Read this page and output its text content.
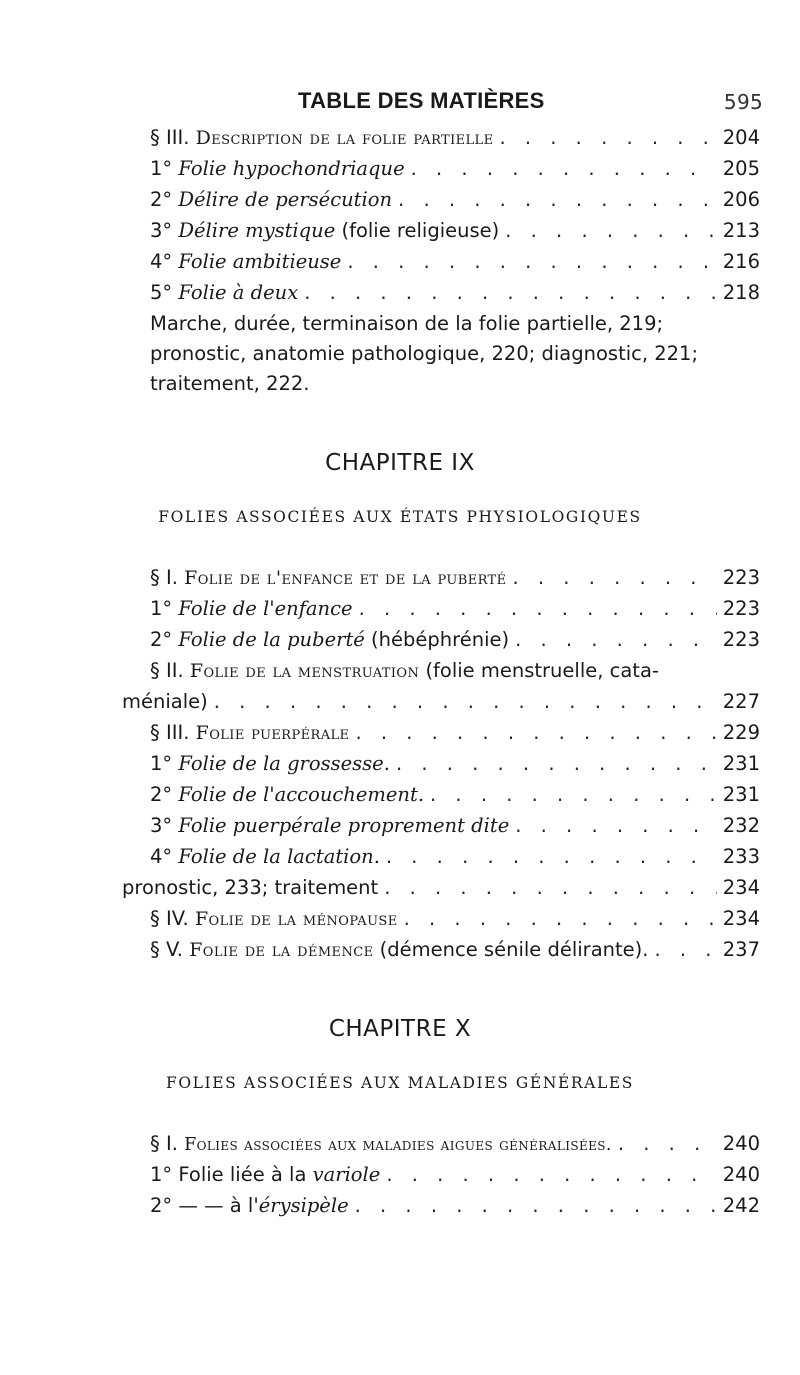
TABLE DES MATIÈRES	595
§ III. Description de la folie partielle . . .	204
1° Folie hypochondriaque . . .	205
2° Délire de persécution . . .	206
3° Délire mystique (folie religieuse) . . .	213
4° Folie ambitieuse . . .	216
5° Folie à deux . . .	218
Marche, durée, terminaison de la folie partielle, 219;
pronostic, anatomie pathologique, 220; diagnostic, 221;
traitement, 222.
CHAPITRE IX
FOLIES ASSOCIÉES AUX ÉTATS PHYSIOLOGIQUES
§ I. Folie de l'enfance et de la puberté . . .	223
1° Folie de l'enfance . . .	223
2° Folie de la puberté (hébéphrénie) . . .	223
§ II. Folie de la menstruation (folie menstruelle, cata-
méniale) . . .	227
§ III. Folie puerpérale . . .	229
1° Folie de la grossesse. . . .	231
2° Folie de l'accouchement. . . .	231
3° Folie puerpérale proprement dite . . .	232
4° Folie de la lactation. . . .	233
pronostic, 233; traitement . . .	234
§ IV. Folie de la ménopause . . .	234
§ V. Folie de la démence (démence sénile délirante). . . .	237
CHAPITRE X
FOLIES ASSOCIÉES AUX MALADIES GÉNÉRALES
§ I. Folies associées aux maladies aigues généralisées. . . .	240
1° Folie liée à la variole . . .	240
2° — — à l'érysipèle . . .	242
